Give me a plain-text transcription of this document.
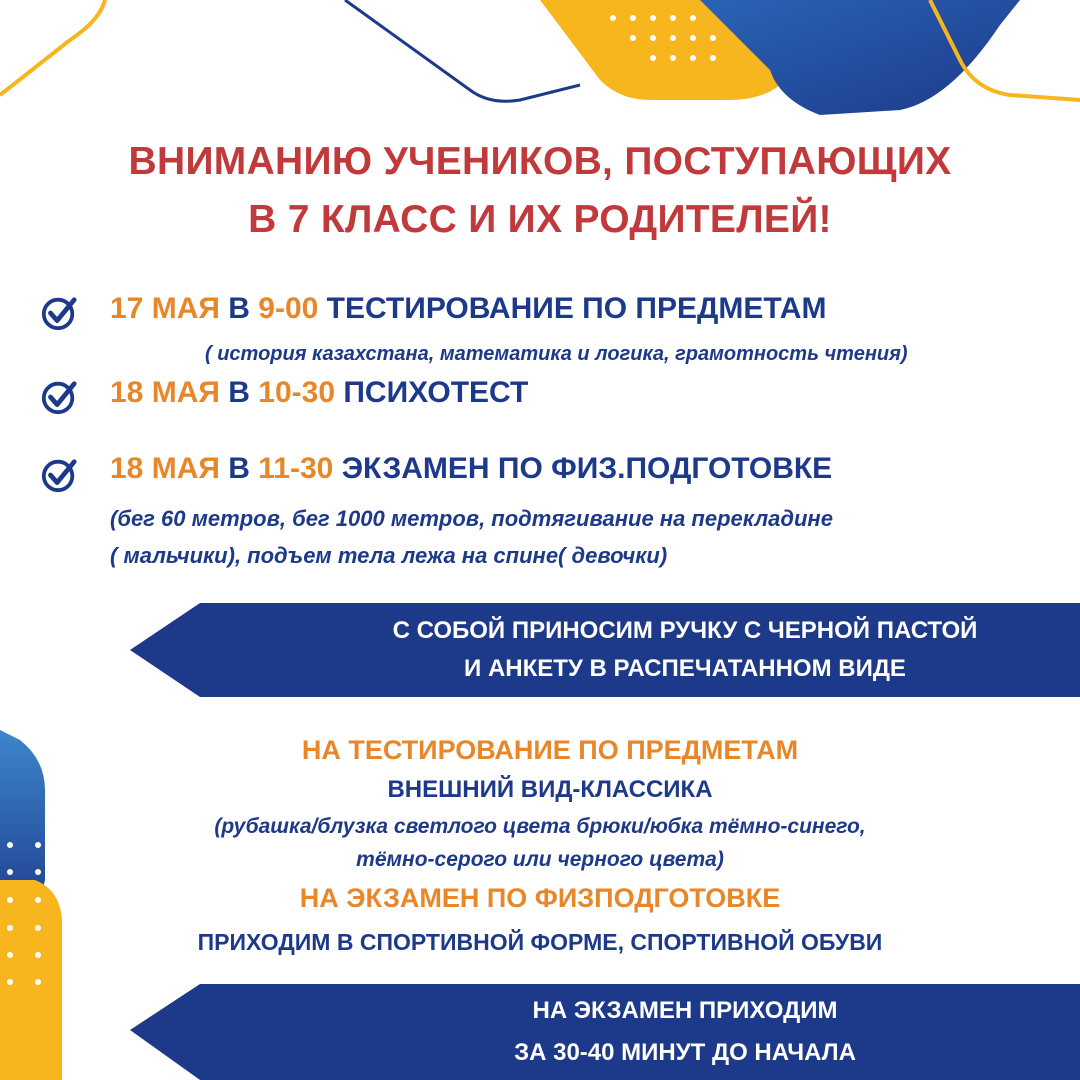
ВНИМАНИЮ УЧЕНИКОВ, ПОСТУПАЮЩИХ
В 7 КЛАСС И ИХ РОДИТЕЛЕЙ!
17 МАЯ В 9-00 ТЕСТИРОВАНИЕ ПО ПРЕДМЕТАМ
( история казахстана, математика и логика, грамотность чтения)
18 МАЯ В 10-30 ПСИХОТЕСТ
18 МАЯ В 11-30 ЭКЗАМЕН ПО ФИЗ.ПОДГОТОВКЕ
(бег 60 метров, бег 1000 метров, подтягивание на перекладине
( мальчики), подъем тела лежа на спине( девочки)
С СОБОЙ ПРИНОСИМ РУЧКУ С ЧЕРНОЙ ПАСТОЙ
И АНКЕТУ В РАСПЕЧАТАННОМ ВИДЕ
НА ТЕСТИРОВАНИЕ ПО ПРЕДМЕТАМ
ВНЕШНИЙ ВИД-КЛАССИКА
(рубашка/блузка светлого цвета брюки/юбка тёмно-синего,
тёмно-серого или черного цвета)
НА ЭКЗАМЕН ПО ФИЗПОДГОТОВКЕ
ПРИХОДИМ В СПОРТИВНОЙ ФОРМЕ, СПОРТИВНОЙ ОБУВИ
НА ЭКЗАМЕН ПРИХОДИМ
ЗА 30-40 МИНУТ ДО НАЧАЛА
